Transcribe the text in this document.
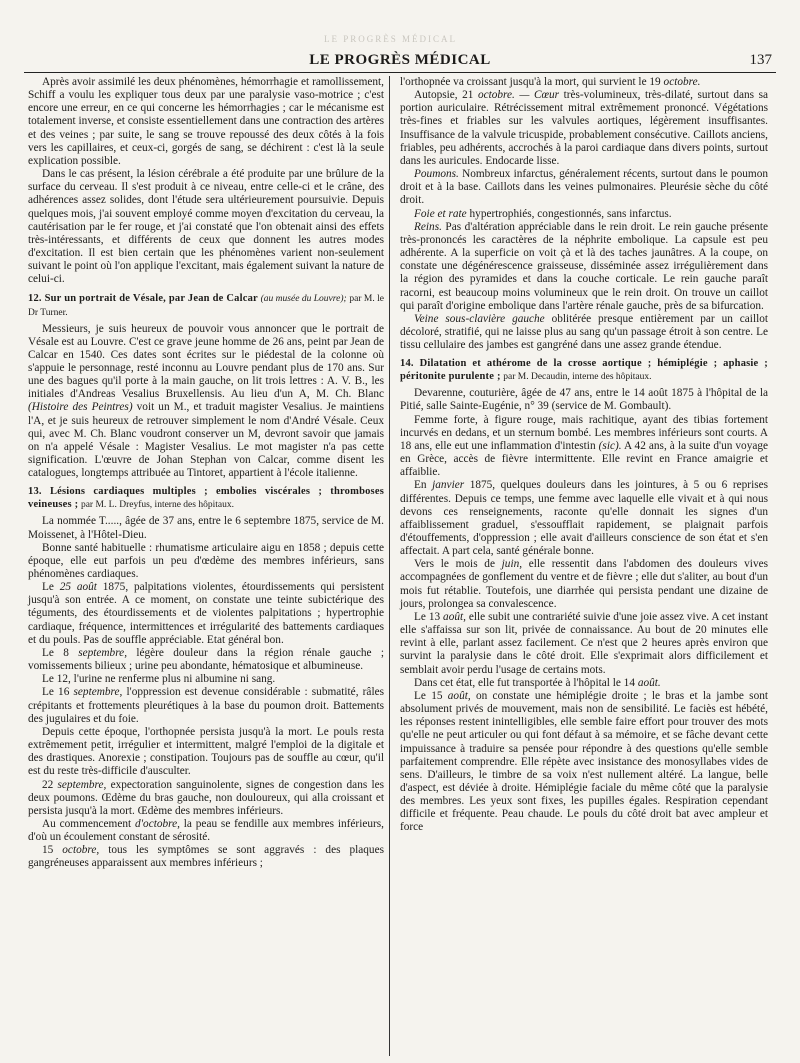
LE PROGRÈS MÉDICAL
LE PROGRÈS MÉDICAL	137

Après avoir assimilé les deux phénomènes, hémorrhagie et ramollissement, Schiff a voulu les expliquer tous deux par une paralysie vaso-motrice ; c'est encore une erreur, en ce qui concerne les hémorrhagies ; car le mécanisme est totalement inverse, et consiste essentiellement dans une contraction des artères et des veines ; par suite, le sang se trouve repoussé des deux côtés à la fois vers les capillaires, et ceux-ci, gorgés de sang, se déchirent : c'est là la seule explication possible.

Dans le cas présent, la lésion cérébrale a été produite par une brûlure de la surface du cerveau. Il s'est produit à ce niveau, entre celle-ci et le crâne, des adhérences assez solides, dont l'étude sera ultérieurement poursuivie. Depuis quelques mois, j'ai souvent employé comme moyen d'excitation du cerveau, la cautérisation par le fer rouge, et j'ai constaté que l'on obtenait ainsi des effets très-intéressants, et différents de ceux que donnent les autres modes d'excitation. Il est bien certain que les phénomènes varient non-seulement suivant le point où l'on applique l'excitant, mais également suivant la nature de celui-ci.

12. Sur un portrait de Vésale, par Jean de Calcar (au musée du Louvre); par M. le Dr Turner.

Messieurs, je suis heureux de pouvoir vous annoncer que le portrait de Vésale est au Louvre. C'est ce grave jeune homme de 26 ans, peint par Jean de Calcar en 1540. Ces dates sont écrites sur le piédestal de la colonne où s'appuie le personnage, resté inconnu au Louvre pendant plus de 170 ans. Sur une des bagues qu'il porte à la main gauche, on lit trois lettres : A. V. B., les initiales d'Andreas Vesalius Bruxellensis. Au lieu d'un A, M. Ch. Blanc (Histoire des Peintres) voit un M., et traduit magister Vesalius. Je maintiens l'A, et je suis heureux de retrouver simplement le nom d'André Vésale. Ceux qui, avec M. Ch. Blanc voudront conserver un M, devront savoir que jamais on n'a appelé Vésale : Magister Vesalius. Le mot magister n'a pas cette signification. L'œuvre de Johan Stephan von Calcar, comme disent les catalogues, longtemps attribuée au Tintoret, appartient à l'école italienne.

13. Lésions cardiaques multiples ; embolies viscérales ; thromboses veineuses ; par M. L. Dreyfus, interne des hôpitaux.

La nommée T....., âgée de 37 ans, entre le 6 septembre 1875, service de M. Moissenet, à l'Hôtel-Dieu.

Bonne santé habituelle : rhumatisme articulaire aigu en 1858 ; depuis cette époque, elle eut parfois un peu d'œdème des membres inférieurs, sans phénomènes cardiaques.

Le 25 août 1875, palpitations violentes, étourdissements qui persistent jusqu'à son entrée. A ce moment, on constate une teinte subictérique des téguments, des étourdissements et de violentes palpitations ; hypertrophie cardiaque, fréquence, intermittences et irrégularité des battements cardiaques et du pouls. Pas de souffle appréciable. Etat général bon.

Le 8 septembre, légère douleur dans la région rénale gauche ; vomissements bilieux ; urine peu abondante, hématosique et albumineuse.

Le 12, l'urine ne renferme plus ni albumine ni sang.

Le 16 septembre, l'oppression est devenue considérable : submatité, râles crépitants et frottements pleurétiques à la base du poumon droit. Battements des jugulaires et du foie.

Depuis cette époque, l'orthopnée persista jusqu'à la mort. Le pouls resta extrêmement petit, irrégulier et intermittent, malgré l'emploi de la digitale et des drastiques. Anorexie ; constipation. Toujours pas de souffle au cœur, qu'il est du reste très-difficile d'ausculter.

22 septembre, expectoration sanguinolente, signes de congestion dans les deux poumons. Œdème du bras gauche, non douloureux, qui alla croissant et persista jusqu'à la mort. Œdème des membres inférieurs.

Au commencement d'octobre, la peau se fendille aux membres inférieurs, d'où un écoulement constant de sérosité.

15 octobre, tous les symptômes se sont aggravés : des plaques gangréneuses apparaissent aux membres inférieurs ;

l'orthopnée va croissant jusqu'à la mort, qui survient le 19 octobre.

Autopsie, 21 octobre. — Cœur très-volumineux, très-dilaté, surtout dans sa portion auriculaire. Rétrécissement mitral extrêmement prononcé. Végétations très-fines et friables sur les valvules aortiques, légèrement insuffisantes. Insuffisance de la valvule tricuspide, probablement consécutive. Caillots anciens, friables, peu adhérents, accrochés à la paroi cardiaque dans divers points, surtout dans les auricules. Endocarde lisse.

Poumons. Nombreux infarctus, généralement récents, surtout dans le poumon droit et à la base. Caillots dans les veines pulmonaires. Pleurésie sèche du côté droit.

Foie et rate hypertrophiés, congestionnés, sans infarctus.

Reins. Pas d'altération appréciable dans le rein droit. Le rein gauche présente très-prononcés les caractères de la néphrite embolique. La capsule est peu adhérente. A la superficie on voit çà et là des taches jaunâtres. A la coupe, on constate une dégénérescence graisseuse, disséminée assez irrégulièrement dans la région des pyramides et dans la couche corticale. Le rein gauche paraît racorni, est beaucoup moins volumineux que le rein droit. On trouve un caillot qui paraît d'origine embolique dans l'artère rénale gauche, près de sa bifurcation.

Veine sous-clavière gauche oblitérée presque entièrement par un caillot décoloré, stratifié, qui ne laisse plus au sang qu'un passage étroit à son centre. Le tissu cellulaire des jambes est gangréné dans une assez grande étendue.

14. Dilatation et athérome de la crosse aortique ; hémiplégie ; aphasie ; péritonite purulente ; par M. Decaudin, interne des hôpitaux.

Devarenne, couturière, âgée de 47 ans, entre le 14 août 1875 à l'hôpital de la Pitié, salle Sainte-Eugénie, n° 39 (service de M. Gombault).

Femme forte, à figure rouge, mais rachitique, ayant des tibias fortement incurvés en dedans, et un sternum bombé. Les membres inférieurs sont courts. A 18 ans, elle eut une inflammation d'intestin (sic). A 42 ans, à la suite d'un voyage en Grèce, accès de fièvre intermittente. Elle revint en France amaigrie et affaiblie.

En janvier 1875, quelques douleurs dans les jointures, à 5 ou 6 reprises différentes. Depuis ce temps, une femme avec laquelle elle vivait et à qui nous devons ces renseignements, raconte qu'elle donnait les signes d'un affaiblissement graduel, s'essoufflait rapidement, se plaignait parfois d'étouffements, d'oppression ; elle avait d'ailleurs conscience de son état et s'en affectait. A part cela, santé générale bonne.

Vers le mois de juin, elle ressentit dans l'abdomen des douleurs vives accompagnées de gonflement du ventre et de fièvre ; elle dut s'aliter, au bout d'un mois fut rétablie. Toutefois, une diarrhée qui persista pendant une dizaine de jours, prolongea sa convalescence.

Le 13 août, elle subit une contrariété suivie d'une joie assez vive. A cet instant elle s'affaissa sur son lit, privée de connaissance. Au bout de 20 minutes elle revint à elle, parlant assez facilement. Ce n'est que 2 heures après environ que survint la paralysie dans le côté droit. Elle s'exprimait alors difficilement et semblait avoir perdu l'usage de certains mots.

Dans cet état, elle fut transportée à l'hôpital le 14 août.

Le 15 août, on constate une hémiplégie droite ; le bras et la jambe sont absolument privés de mouvement, mais non de sensibilité. Le faciès est hébété, les réponses restent inintelligibles, elle semble faire effort pour trouver des mots qu'elle ne peut articuler ou qui font défaut à sa mémoire, et se fâche devant cette impuissance à traduire sa pensée pour répondre à des questions qu'elle semble parfaitement comprendre. Elle répète avec insistance des monosyllabes vides de sens. D'ailleurs, le timbre de sa voix n'est nullement altéré. La langue, belle d'aspect, est déviée à droite. Hémiplégie faciale du même côté que la paralysie des membres. Les yeux sont fixes, les pupilles égales. Respiration cependant difficile et fréquente. Peau chaude. Le pouls du côté droit bat avec ampleur et force
